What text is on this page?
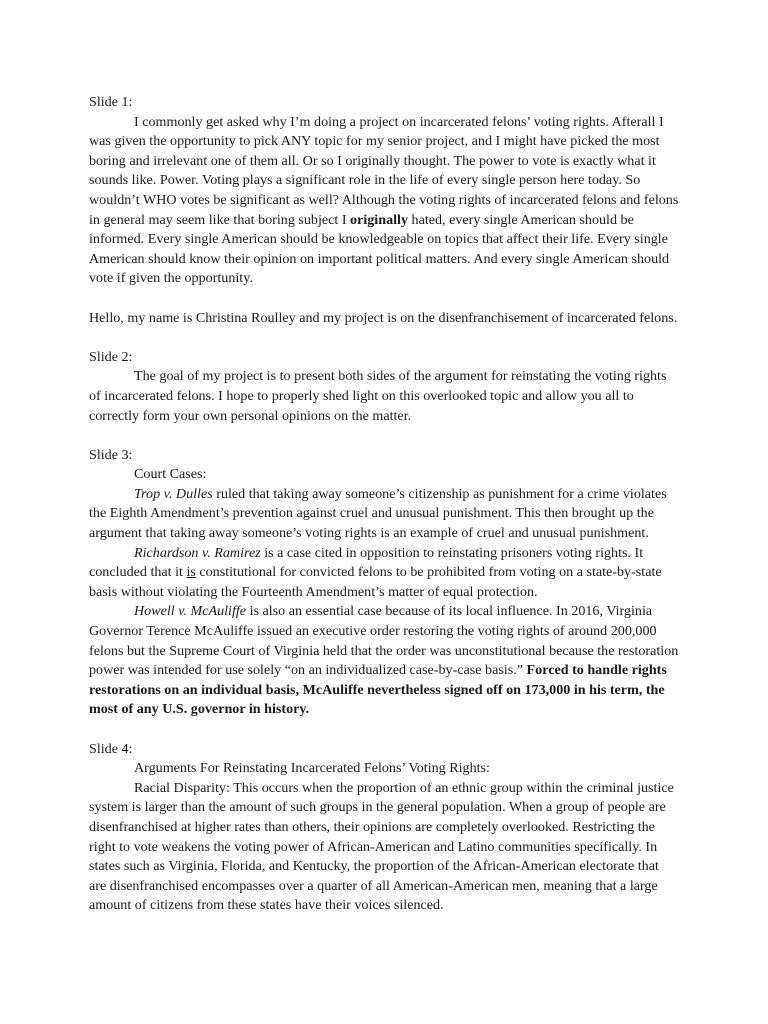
Slide 1:

I commonly get asked why I’m doing a project on incarcerated felons’ voting rights. Afterall I was given the opportunity to pick ANY topic for my senior project, and I might have picked the most boring and irrelevant one of them all. Or so I originally thought. The power to vote is exactly what it sounds like. Power. Voting plays a significant role in the life of every single person here today. So wouldn’t WHO votes be significant as well? Although the voting rights of incarcerated felons and felons in general may seem like that boring subject I originally hated, every single American should be informed. Every single American should be knowledgeable on topics that affect their life. Every single American should know their opinion on important political matters. And every single American should vote if given the opportunity.

Hello, my name is Christina Roulley and my project is on the disenfranchisement of incarcerated felons.

Slide 2:

The goal of my project is to present both sides of the argument for reinstating the voting rights of incarcerated felons. I hope to properly shed light on this overlooked topic and allow you all to correctly form your own personal opinions on the matter.

Slide 3:

Court Cases:

Trop v. Dulles ruled that taking away someone’s citizenship as punishment for a crime violates the Eighth Amendment’s prevention against cruel and unusual punishment. This then brought up the argument that taking away someone’s voting rights is an example of cruel and unusual punishment.

Richardson v. Ramirez is a case cited in opposition to reinstating prisoners voting rights. It concluded that it is constitutional for convicted felons to be prohibited from voting on a state-by-state basis without violating the Fourteenth Amendment’s matter of equal protection.

Howell v. McAuliffe is also an essential case because of its local influence. In 2016, Virginia Governor Terence McAuliffe issued an executive order restoring the voting rights of around 200,000 felons but the Supreme Court of Virginia held that the order was unconstitutional because the restoration power was intended for use solely “on an individualized case-by-case basis.” Forced to handle rights restorations on an individual basis, McAuliffe nevertheless signed off on 173,000 in his term, the most of any U.S. governor in history.

Slide 4:

Arguments For Reinstating Incarcerated Felons’ Voting Rights:

Racial Disparity: This occurs when the proportion of an ethnic group within the criminal justice system is larger than the amount of such groups in the general population. When a group of people are disenfranchised at higher rates than others, their opinions are completely overlooked. Restricting the right to vote weakens the voting power of African-American and Latino communities specifically. In states such as Virginia, Florida, and Kentucky, the proportion of the African-American electorate that are disenfranchised encompasses over a quarter of all American-American men, meaning that a large amount of citizens from these states have their voices silenced.
